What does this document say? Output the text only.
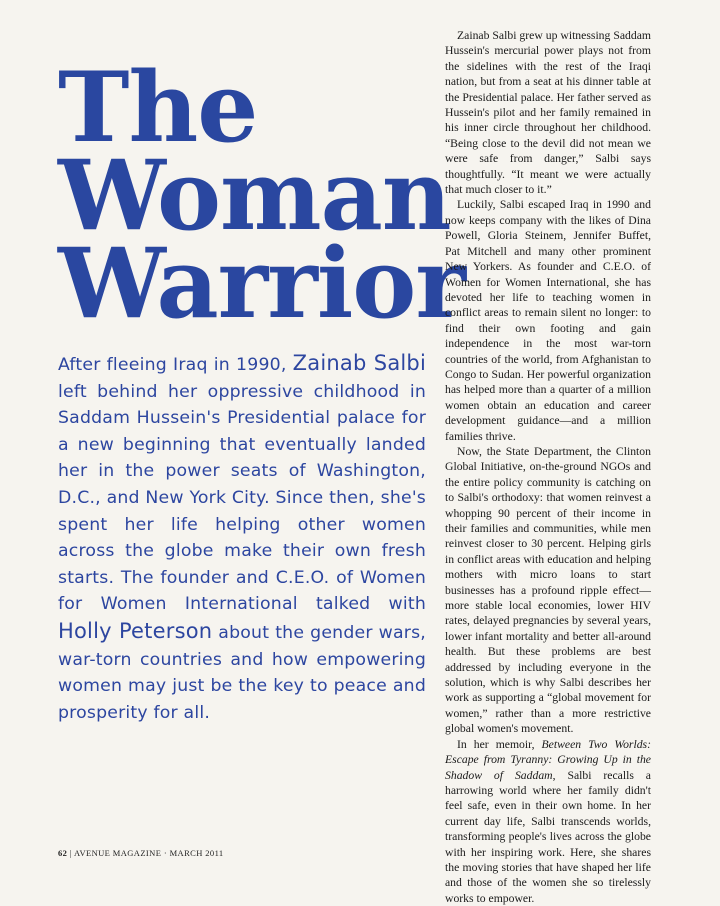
The
Woman
Warrior

After fleeing Iraq in 1990, Zainab Salbi left behind her oppressive childhood in Saddam Hussein's Presidential palace for a new beginning that eventually landed her in the power seats of Washington, D.C., and New York City. Since then, she's spent her life helping other women across the globe make their own fresh starts. The founder and C.E.O. of Women for Women International talked with Holly Peterson about the gender wars, war-torn countries and how empowering women may just be the key to peace and prosperity for all.

Zainab Salbi grew up witnessing Saddam Hussein's mercurial power plays not from the sidelines with the rest of the Iraqi nation, but from a seat at his dinner table at the Presidential palace. Her father served as Hussein's pilot and her family remained in his inner circle throughout her childhood. “Being close to the devil did not mean we were safe from danger,” Salbi says thoughtfully. “It meant we were actually that much closer to it.”

Luckily, Salbi escaped Iraq in 1990 and now keeps company with the likes of Dina Powell, Gloria Steinem, Jennifer Buffet, Pat Mitchell and many other prominent New Yorkers. As founder and C.E.O. of Women for Women International, she has devoted her life to teaching women in conflict areas to remain silent no longer: to find their own footing and gain independence in the most war-torn countries of the world, from Afghanistan to Congo to Sudan. Her powerful organization has helped more than a quarter of a million women obtain an education and career development guidance—and a million families thrive.

Now, the State Department, the Clinton Global Initiative, on-the-ground NGOs and the entire policy community is catching on to Salbi's orthodoxy: that women reinvest a whopping 90 percent of their income in their families and communities, while men reinvest closer to 30 percent. Helping girls in conflict areas with education and helping mothers with micro loans to start businesses has a profound ripple effect—more stable local economies, lower HIV rates, delayed pregnancies by several years, lower infant mortality and better all-around health. But these problems are best addressed by including everyone in the solution, which is why Salbi describes her work as supporting a “global movement for women,” rather than a more restrictive global women's movement.

In her memoir, Between Two Worlds: Escape from Tyranny: Growing Up in the Shadow of Saddam, Salbi recalls a harrowing world where her family didn't feel safe, even in their own home. In her current day life, Salbi transcends worlds, transforming people's lives across the globe with her inspiring work. Here, she shares the moving stories that have shaped her life and those of the women she so tirelessly works to empower.

62 | AVENUE MAGAZINE · MARCH 2011
